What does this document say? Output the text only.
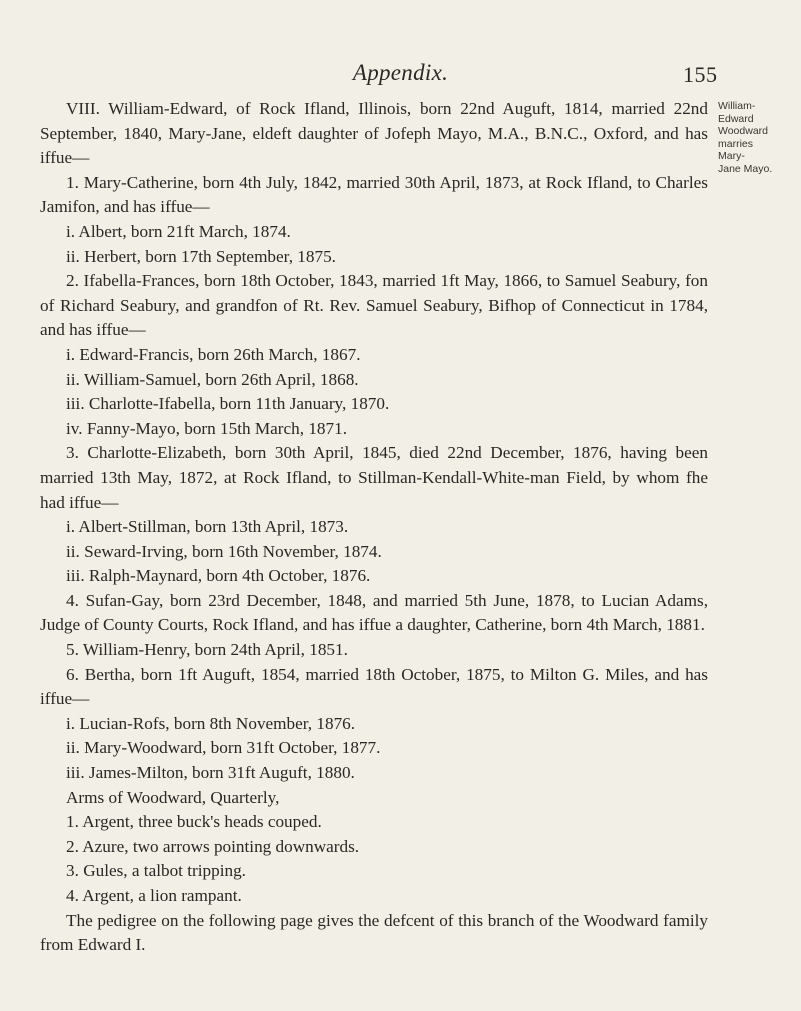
Appendix.	155

VIII. William-Edward, of Rock Ifland, Illinois, born 22nd Auguft, 1814, married 22nd September, 1840, Mary-Jane, eldeft daughter of Jofeph Mayo, M.A., B.N.C., Oxford, and has iffue—

1. Mary-Catherine, born 4th July, 1842, married 30th April, 1873, at Rock Ifland, to Charles Jamifon, and has iffue—

i. Albert, born 21ft March, 1874.

ii. Herbert, born 17th September, 1875.

2. Ifabella-Frances, born 18th October, 1843, married 1ft May, 1866, to Samuel Seabury, fon of Richard Seabury, and grandfon of Rt. Rev. Samuel Seabury, Bifhop of Connecticut in 1784, and has iffue—

i. Edward-Francis, born 26th March, 1867.

ii. William-Samuel, born 26th April, 1868.

iii. Charlotte-Ifabella, born 11th January, 1870.

iv. Fanny-Mayo, born 15th March, 1871.

3. Charlotte-Elizabeth, born 30th April, 1845, died 22nd December, 1876, having been married 13th May, 1872, at Rock Ifland, to Stillman-Kendall-White-man Field, by whom fhe had iffue—

i. Albert-Stillman, born 13th April, 1873.

ii. Seward-Irving, born 16th November, 1874.

iii. Ralph-Maynard, born 4th October, 1876.

4. Sufan-Gay, born 23rd December, 1848, and married 5th June, 1878, to Lucian Adams, Judge of County Courts, Rock Ifland, and has iffue a daughter, Catherine, born 4th March, 1881.

5. William-Henry, born 24th April, 1851.

6. Bertha, born 1ft Auguft, 1854, married 18th October, 1875, to Milton G. Miles, and has iffue—

i. Lucian-Rofs, born 8th November, 1876.

ii. Mary-Woodward, born 31ft October, 1877.

iii. James-Milton, born 31ft Auguft, 1880.

Arms of Woodward, Quarterly,

1. Argent, three buck's heads couped.

2. Azure, two arrows pointing downwards.

3. Gules, a talbot tripping.

4. Argent, a lion rampant.

The pedigree on the following page gives the defcent of this branch of the Woodward family from Edward I.

William-
Edward
Woodward
marries
Mary-
Jane Mayo.
